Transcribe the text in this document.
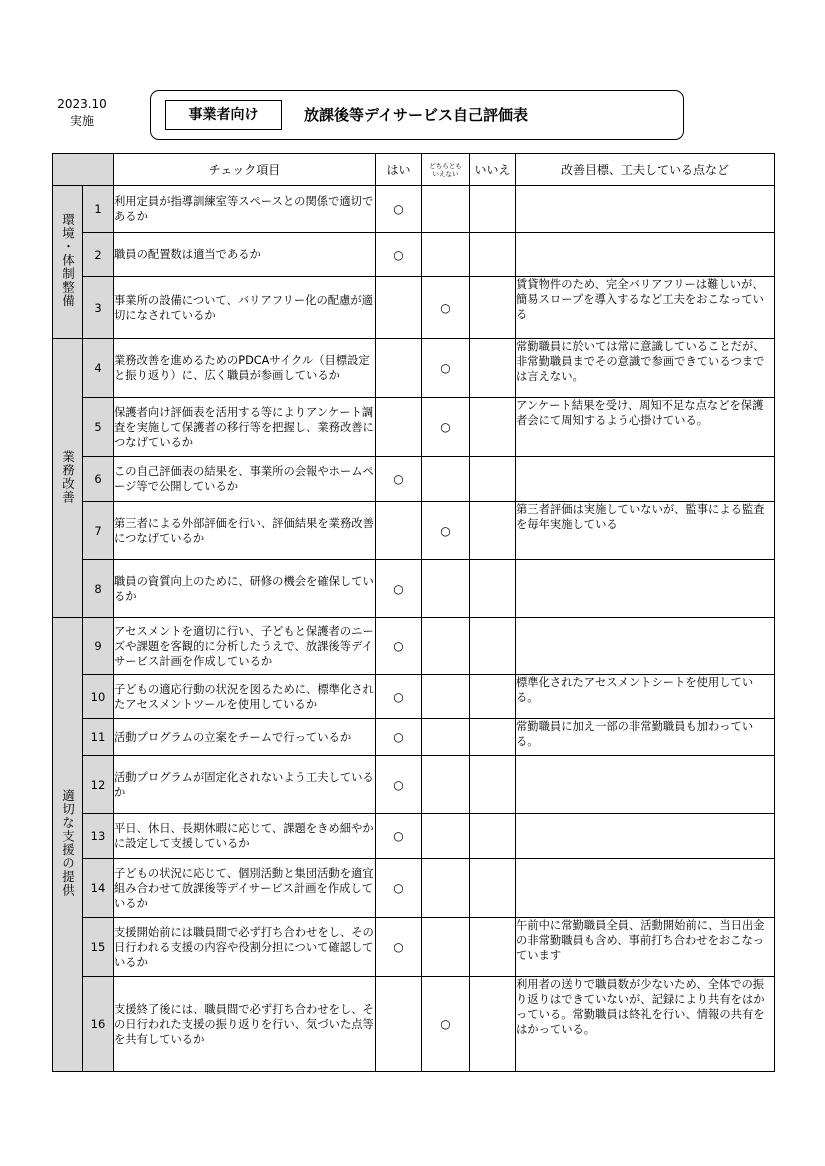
2023.10
実施	事業者向け	放課後等デイサービス自己評価表
		チェック項目	はい	どちらとも
いえない	いいえ	改善目標、工夫している点など
環境・体制整備	1	利用定員が指導訓練室等スペースとの関係で適切であるか	○			
	2	職員の配置数は適当であるか	○			
	3	事業所の設備について、バリアフリー化の配慮が適切になされているか		○		賃貸物件のため、完全バリアフリーは難しいが、簡易スロープを導入するなど工夫をおこなっている
業務改善	4	業務改善を進めるためのPDCAサイクル（目標設定と振り返り）に、広く職員が参画しているか		○		常勤職員に於いては常に意識していることだが、非常勤職員までその意識で参画できているつまでは言えない。
	5	保護者向け評価表を活用する等によりアンケート調査を実施して保護者の移行等を把握し、業務改善につなげているか		○		アンケート結果を受け、周知不足な点などを保護者会にて周知するよう心掛けている。
	6	この自己評価表の結果を、事業所の会報やホームページ等で公開しているか	○			
	7	第三者による外部評価を行い、評価結果を業務改善につなげているか		○		第三者評価は実施していないが、監事による監査を毎年実施している
	8	職員の資質向上のために、研修の機会を確保しているか	○			
適切な支援の提供	9	アセスメントを適切に行い、子どもと保護者のニーズや課題を客観的に分析したうえで、放課後等デイサービス計画を作成しているか	○			
	10	子どもの適応行動の状況を図るために、標準化されたアセスメントツールを使用しているか	○			標準化されたアセスメントシートを使用している。
	11	活動プログラムの立案をチームで行っているか	○			常勤職員に加え一部の非常勤職員も加わっている。
	12	活動プログラムが固定化されないよう工夫しているか	○			
	13	平日、休日、長期休暇に応じて、課題をきめ細やかに設定して支援しているか	○			
	14	子どもの状況に応じて、個別活動と集団活動を適宜組み合わせて放課後等デイサービス計画を作成しているか	○			
	15	支援開始前には職員間で必ず打ち合わせをし、その日行われる支援の内容や役割分担について確認しているか	○			午前中に常勤職員全員、活動開始前に、当日出金の非常勤職員も含め、事前打ち合わせをおこなっています
	16	支援終了後には、職員間で必ず打ち合わせをし、その日行われた支援の振り返りを行い、気づいた点等を共有しているか		○		利用者の送りで職員数が少ないため、全体での振り返りはできていないが、記録により共有をはかっている。常勤職員は終礼を行い、情報の共有をはかっている。
